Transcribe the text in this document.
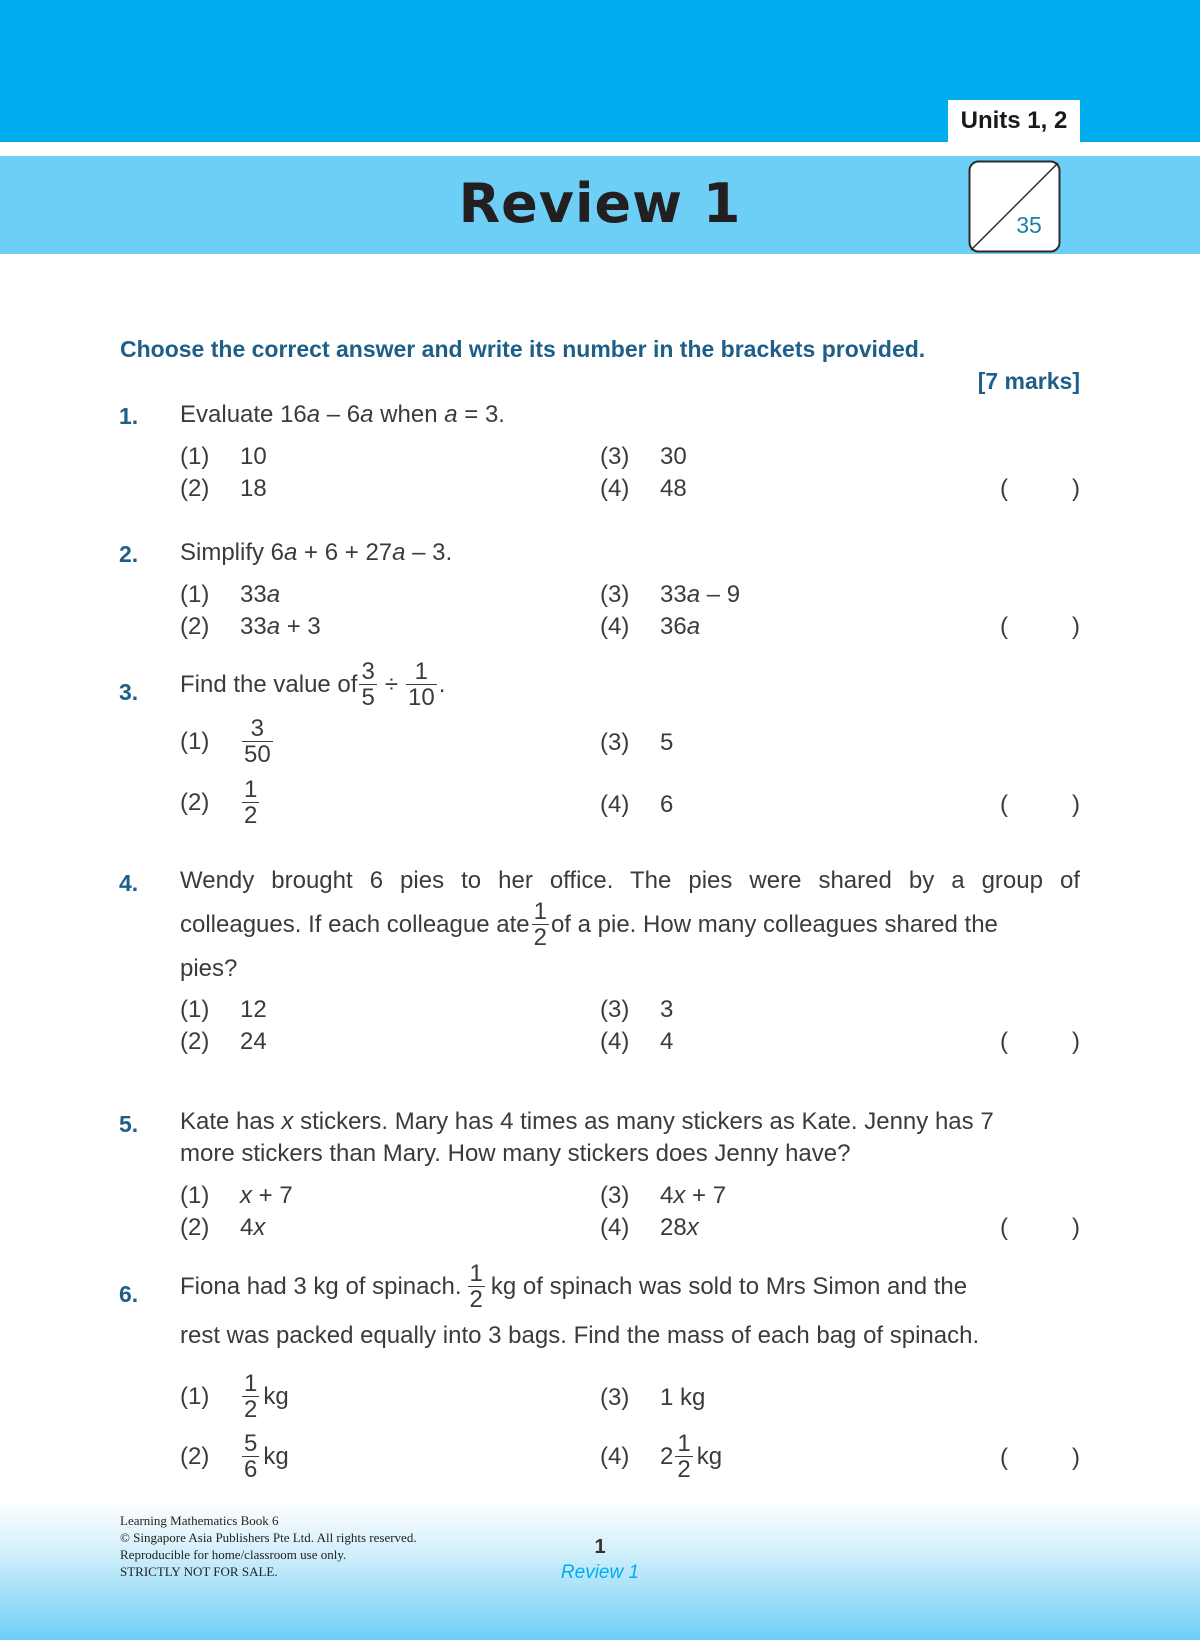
Units 1, 2
Review 1	35
Choose the correct answer and write its number in the brackets provided.
[7 marks]
1. Evaluate 16a – 6a when a = 3.
(1)	10
(2)	18
(3)	30
(4)	48	(	)
2. Simplify 6a + 6 + 27a – 3.
(1)	33 a
(2)	33 a + 3
(3)	33 a – 9
(4)	36 a	(	)
3. Find the value of $\frac{3}{5} \div \frac{1}{10}$ .
(1)	$\frac{3}{50}$
(2)	$\frac{1}{2}$
(3)	5
(4)	6	(	)
4. Wendy brought 6 pies to her office. The pies were shared by a group of
colleagues. If each colleague ate $\frac{1}{2}$ of a pie. How many colleagues shared the
pies?
(1)	12
(2)	24
(3)	3
(4)	4	(	)
5. Kate has x stickers. Mary has 4 times as many stickers as Kate. Jenny has 7
more stickers than Mary. How many stickers does Jenny have?
(1)	x + 7
(2)	4 x
(3)	4 x + 7
(4)	28 x	(	)
6. Fiona had 3 kg of spinach. $\frac{1}{2}$ kg of spinach was sold to Mrs Simon and the
rest was packed equally into 3 bags. Find the mass of each bag of spinach.
(1)	$\frac{1}{2}$ kg
(2)	$\frac{5}{6}$ kg
(3)	1 kg
(4)	$2 \frac{1}{2}$ kg	(	)
Learning Mathematics Book 6
© Singapore Asia Publishers Pte Ltd. All rights reserved.
Reproducible for home/classroom use only.
STRICTLY NOT FOR SALE.
1
Review 1
